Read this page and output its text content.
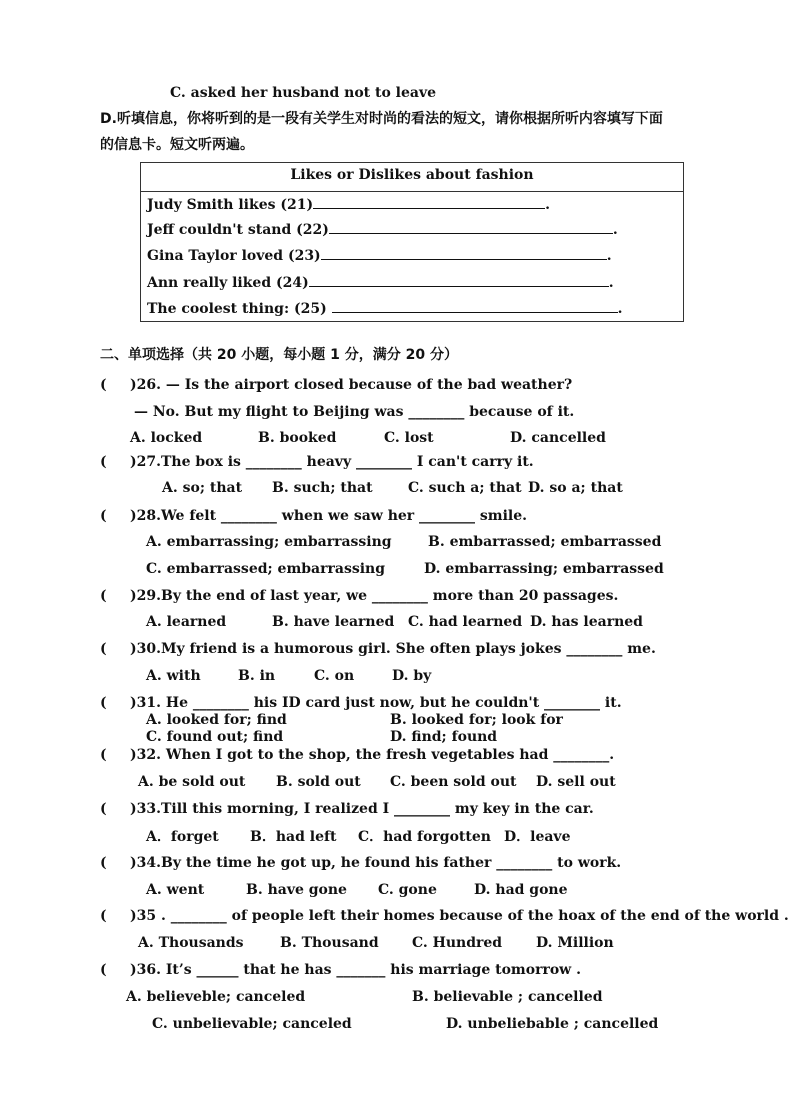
C. asked her husband not to leave
D.听填信息，你将听到的是一段有关学生对时尚的看法的短文，请你根据所听内容填写下面
的信息卡。短文听两遍。
Likes or Dislikes about fashion
Judy Smith likes (21)	.
Jeff couldn't stand (22)	.
Gina Taylor loved (23)	.
Ann really liked (24)	.
The coolest thing: (25)	.
二、单项选择（共 20 小题，每小题 1 分，满分 20 分）
( )26. — Is the airport closed because of the bad weather?
— No. But my flight to Beijing was ________ because of it.
A. locked	B. booked	C. lost	D. cancelled
( )27.The box is ________ heavy ________ I can't carry it.
A. so; that B. such; that	C. such a; that D. so a; that
( )28.We felt ________ when we saw her ________ smile.
A. embarrassing; embarrassing	B. embarrassed; embarrassed
C. embarrassed; embarrassing	D. embarrassing; embarrassed
( )29.By the end of last year, we ________ more than 20 passages.
A. learned	B. have learned C. had learned D. has learned
( )30.My friend is a humorous girl. She often plays jokes ________ me.
A. with	B. in	C. on	D. by
( )31. He ________ his ID card just now, but he couldn't ________ it.
A. looked for; find	B. looked for; look for
C. found out; find	D. find; found
( )32. When I got to the shop, the fresh vegetables had ________.
A. be sold out B. sold out C. been sold out D. sell out
( )33.Till this morning, I realized I ________ my key in the car.
A．forget B．had left C．had forgotten D．leave
( )34.By the time he got up, he found his father ________ to work.
A. went	B. have gone C. gone	D. had gone
( )35 . ________ of people left their homes because of the hoax of the end of the world .
A. Thousands	B. Thousand C. Hundred D. Million
( )36. It’s ______ that he has _______ his marriage tomorrow .
A. believeble; canceled	B. believable ; cancelled
C. unbelievable; canceled	D. unbeliebable ; cancelled
